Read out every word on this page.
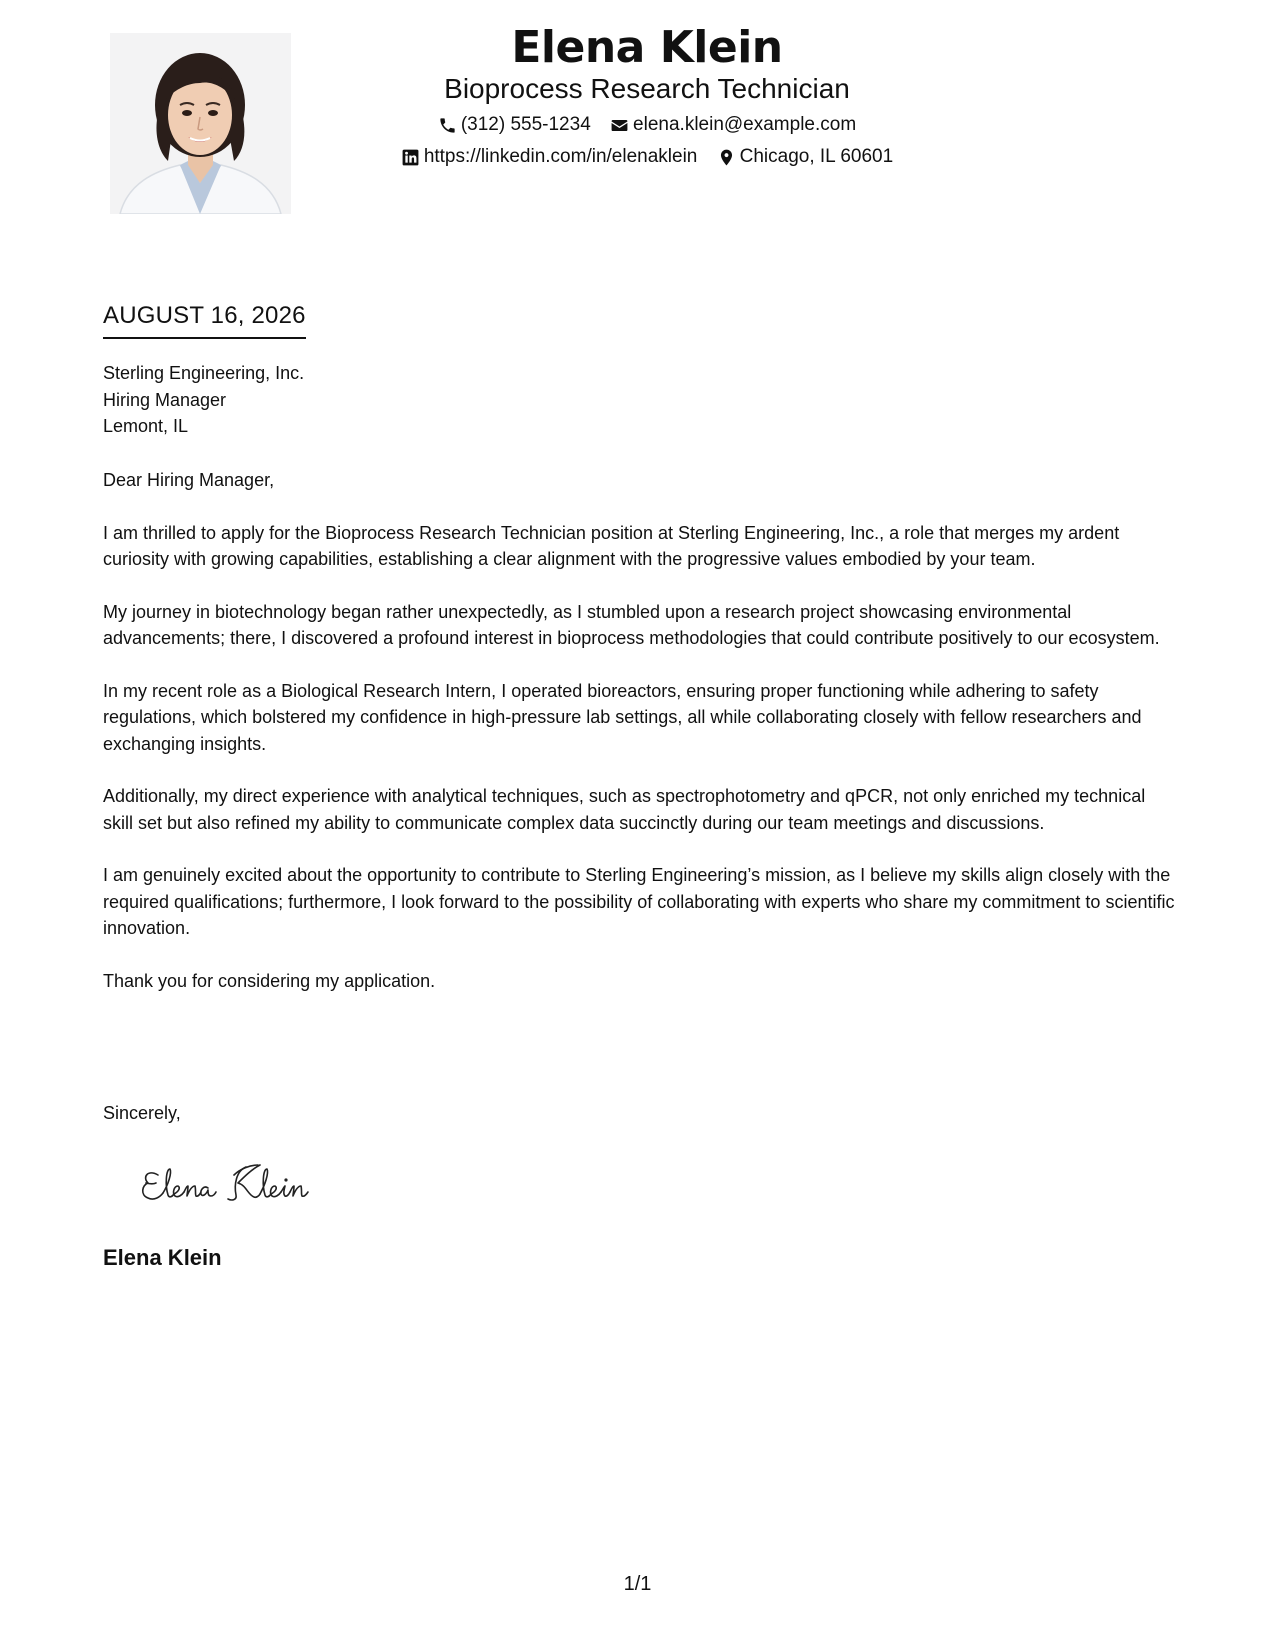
Elena Klein
Bioprocess Research Technician
(312) 555-1234
elena.klein@example.com
https://linkedin.com/in/elenaklein
Chicago, IL 60601
AUGUST 16, 2026
Sterling Engineering, Inc.
Hiring Manager
Lemont, IL

Dear Hiring Manager,

I am thrilled to apply for the Bioprocess Research Technician position at Sterling Engineering, Inc., a role that merges my ardent curiosity with growing capabilities, establishing a clear alignment with the progressive values embodied by your team.

My journey in biotechnology began rather unexpectedly, as I stumbled upon a research project showcasing environmental advancements; there, I discovered a profound interest in bioprocess methodologies that could contribute positively to our ecosystem.

In my recent role as a Biological Research Intern, I operated bioreactors, ensuring proper functioning while adhering to safety regulations, which bolstered my confidence in high-pressure lab settings, all while collaborating closely with fellow researchers and exchanging insights.

Additionally, my direct experience with analytical techniques, such as spectrophotometry and qPCR, not only enriched my technical skill set but also refined my ability to communicate complex data succinctly during our team meetings and discussions.

I am genuinely excited about the opportunity to contribute to Sterling Engineering’s mission, as I believe my skills align closely with the required qualifications; furthermore, I look forward to the possibility of collaborating with experts who share my commitment to scientific innovation.

Thank you for considering my application.

Sincerely,
Elena Klein
1/1
